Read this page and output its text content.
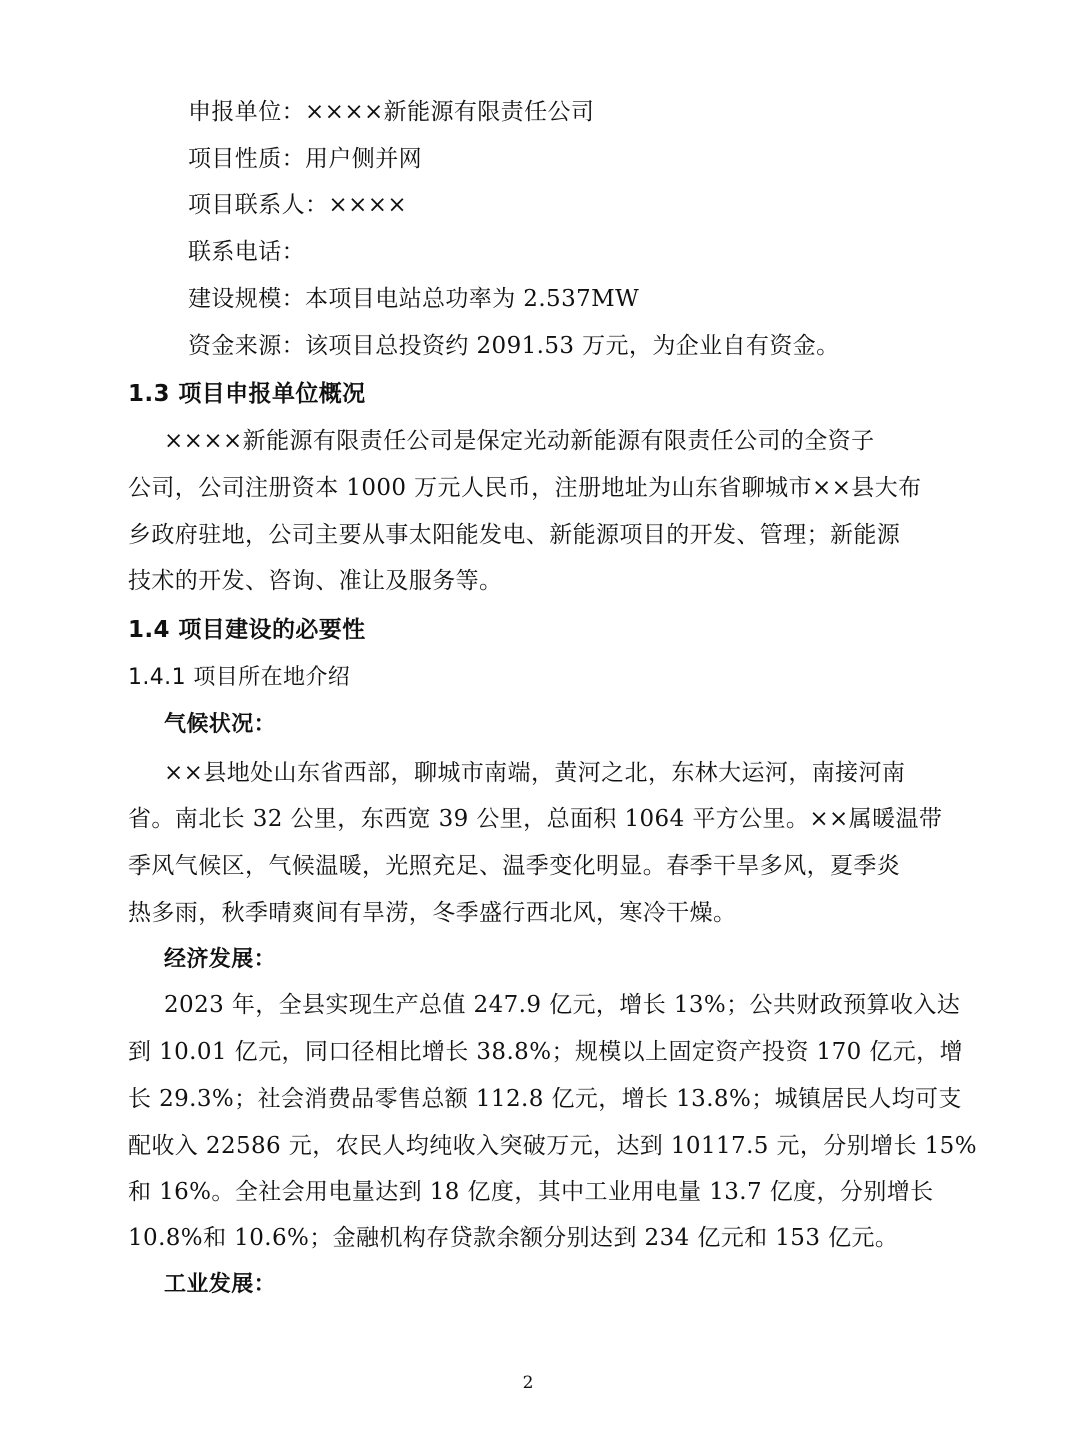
申报单位：××××新能源有限责任公司
项目性质：用户侧并网
项目联系人：××××
联系电话：
建设规模：本项目电站总功率为 2.537MW
资金来源：该项目总投资约 2091.53 万元，为企业自有资金。
1.3 项目申报单位概况
××××新能源有限责任公司是保定光动新能源有限责任公司的全资子
公司，公司注册资本 1000 万元人民币，注册地址为山东省聊城市××县大布
乡政府驻地，公司主要从事太阳能发电、新能源项目的开发、管理；新能源
技术的开发、咨询、准让及服务等。
1.4 项目建设的必要性
1.4.1 项目所在地介绍
气候状况：
××县地处山东省西部，聊城市南端，黄河之北，东林大运河，南接河南
省。南北长 32 公里，东西宽 39 公里，总面积 1064 平方公里。××属暖温带
季风气候区，气候温暖，光照充足、温季变化明显。春季干旱多风，夏季炎
热多雨，秋季晴爽间有旱涝，冬季盛行西北风，寒冷干燥。
经济发展：
2023 年，全县实现生产总值 247.9 亿元，增长 13%；公共财政预算收入达
到 10.01 亿元，同口径相比增长 38.8%；规模以上固定资产投资 170 亿元，增
长 29.3%；社会消费品零售总额 112.8 亿元，增长 13.8%；城镇居民人均可支
配收入 22586 元，农民人均纯收入突破万元，达到 10117.5 元，分别增长 15%
和 16%。全社会用电量达到 18 亿度，其中工业用电量 13.7 亿度，分别增长
10.8%和 10.6%；金融机构存贷款余额分别达到 234 亿元和 153 亿元。
工业发展：
2
